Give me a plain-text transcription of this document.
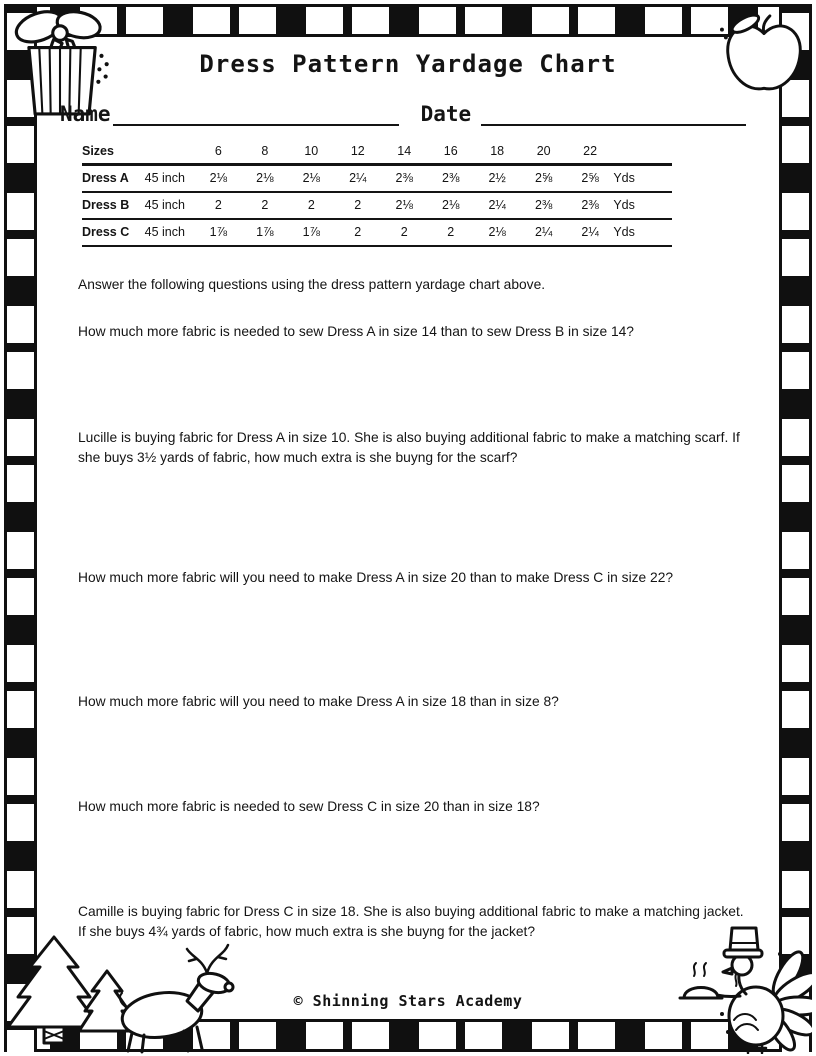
Dress Pattern Yardage Chart
Name	Date
Sizes		6	8	10	12	14	16	18	20	22	
Dress A	45 inch	2⅛	2⅛	2⅛	2¼	2⅜	2⅜	2½	2⅝	2⅝	Yds
Dress B	45 inch	2	2	2	2	2⅛	2⅛	2¼	2⅜	2⅜	Yds
Dress C	45 inch	1⅞	1⅞	1⅞	2	2	2	2⅛	2¼	2¼	Yds
Answer the following questions using the dress pattern yardage chart above.
How much more fabric is needed to sew Dress A in size 14 than to sew Dress B in size 14?
Lucille is buying fabric for Dress A in size 10. She is also buying additional fabric to make a matching scarf. If she buys 3½ yards of fabric, how much extra is she buyng for the scarf?
How much more fabric will you need to make Dress A in size 20 than to make Dress C in size 22?
How much more fabric will you need to make Dress A in size 18 than in size 8?
How much more fabric is needed to sew Dress C in size 20 than in size 18?
Camille is buying fabric for Dress C in size 18. She is also buying additional fabric to make a matching jacket. If she buys 4¾ yards of fabric, how much extra is she buyng for the jacket?
© Shinning Stars Academy
